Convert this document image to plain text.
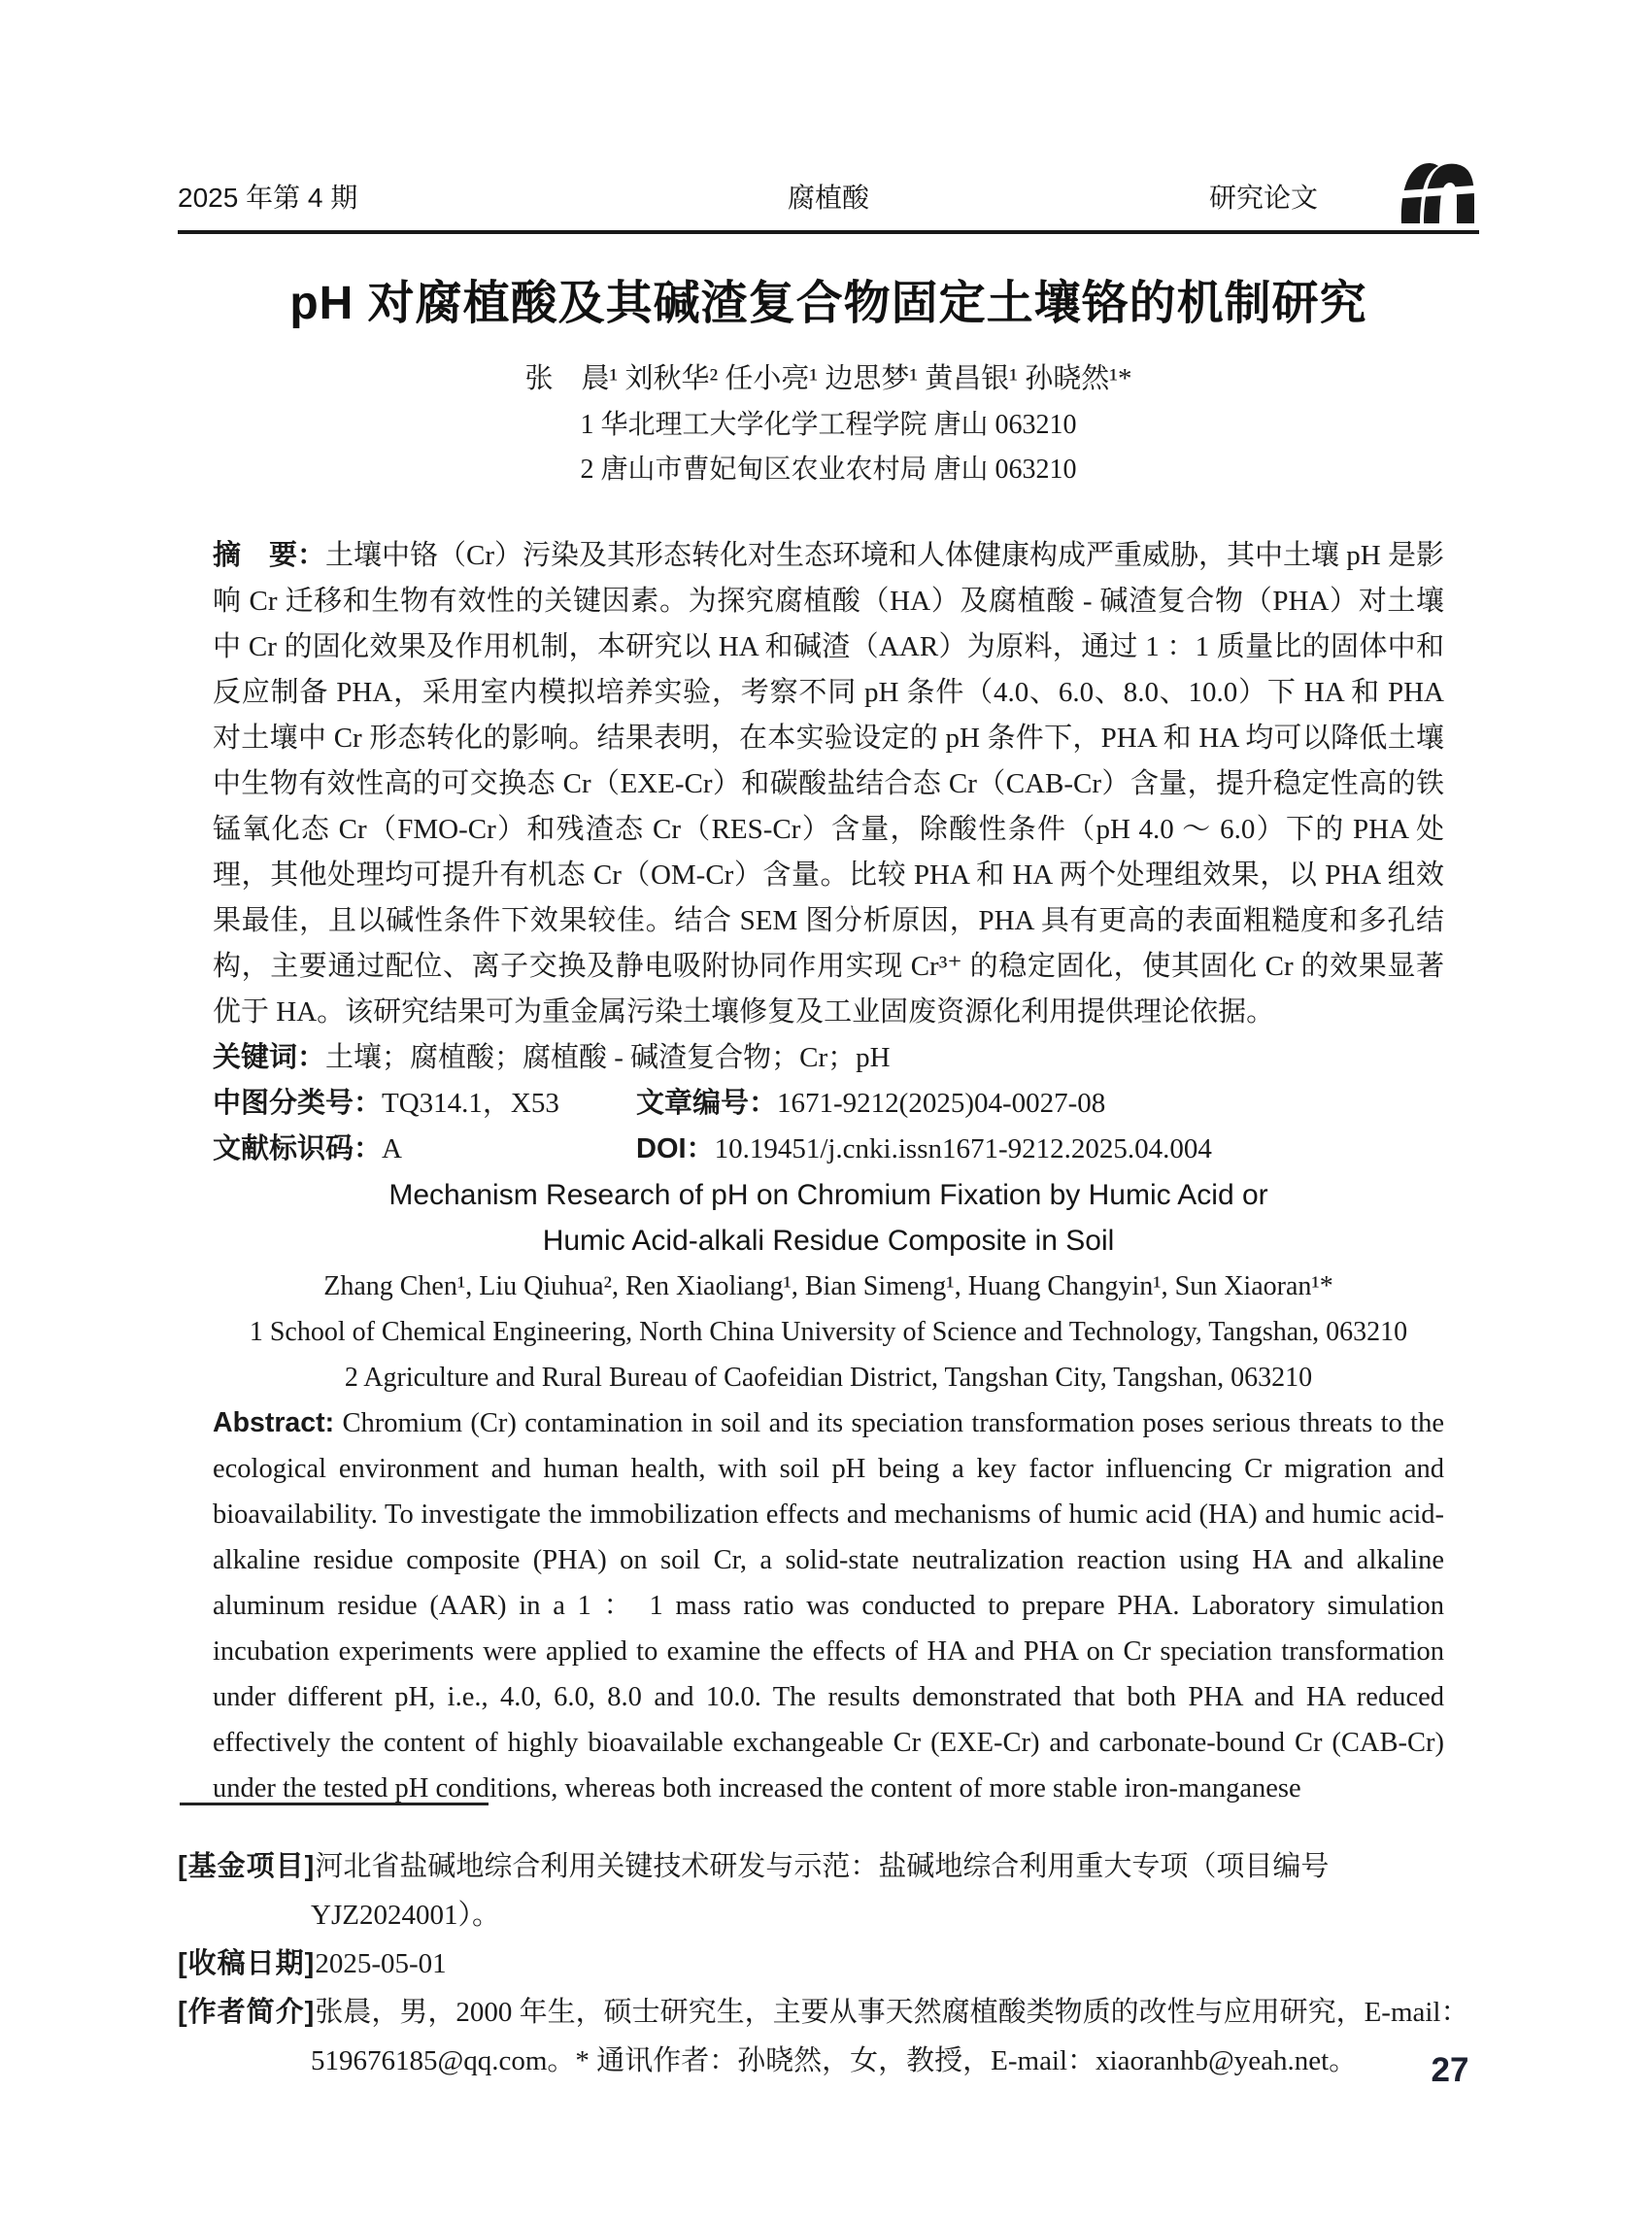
2025 年第 4 期	腐植酸	研究论文
pH 对腐植酸及其碱渣复合物固定土壤铬的机制研究
张　晨¹ 刘秋华² 任小亮¹ 边思梦¹ 黄昌银¹ 孙晓然¹*
1 华北理工大学化学工程学院 唐山 063210
2 唐山市曹妃甸区农业农村局 唐山 063210

摘　要：土壤中铬（Cr）污染及其形态转化对生态环境和人体健康构成严重威胁，其中土壤 pH 是影响 Cr 迁移和生物有效性的关键因素。为探究腐植酸（HA）及腐植酸 - 碱渣复合物（PHA）对土壤中 Cr 的固化效果及作用机制，本研究以 HA 和碱渣（AAR）为原料，通过 1 ：1 质量比的固体中和反应制备 PHA，采用室内模拟培养实验，考察不同 pH 条件（4.0、6.0、8.0、10.0）下 HA 和 PHA 对土壤中 Cr 形态转化的影响。结果表明，在本实验设定的 pH 条件下，PHA 和 HA 均可以降低土壤中生物有效性高的可交换态 Cr（EXE-Cr）和碳酸盐结合态 Cr（CAB-Cr）含量，提升稳定性高的铁锰氧化态 Cr（FMO-Cr）和残渣态 Cr（RES-Cr）含量，除酸性条件（pH 4.0 ～ 6.0）下的 PHA 处理，其他处理均可提升有机态 Cr（OM-Cr）含量。比较 PHA 和 HA 两个处理组效果，以 PHA 组效果最佳，且以碱性条件下效果较佳。结合 SEM 图分析原因，PHA 具有更高的表面粗糙度和多孔结构，主要通过配位、离子交换及静电吸附协同作用实现 Cr³⁺ 的稳定固化，使其固化 Cr 的效果显著优于 HA。该研究结果可为重金属污染土壤修复及工业固废资源化利用提供理论依据。

关键词：土壤；腐植酸；腐植酸 - 碱渣复合物；Cr；pH

中图分类号：TQ314.1，X53	文章编号：1671-9212(2025)04-0027-08
文献标识码：A	DOI：10.19451/j.cnki.issn1671-9212.2025.04.004
Mechanism Research of pH on Chromium Fixation by Humic Acid or
Humic Acid-alkali Residue Composite in Soil
Zhang Chen¹, Liu Qiuhua², Ren Xiaoliang¹, Bian Simeng¹, Huang Changyin¹, Sun Xiaoran¹*
1 School of Chemical Engineering, North China University of Science and Technology, Tangshan, 063210
2 Agriculture and Rural Bureau of Caofeidian District, Tangshan City, Tangshan, 063210

Abstract: Chromium (Cr) contamination in soil and its speciation transformation poses serious threats to the ecological environment and human health, with soil pH being a key factor influencing Cr migration and bioavailability. To investigate the immobilization effects and mechanisms of humic acid (HA) and humic acid-alkaline residue composite (PHA) on soil Cr, a solid-state neutralization reaction using HA and alkaline aluminum residue (AAR) in a 1 ： 1 mass ratio was conducted to prepare PHA. Laboratory simulation incubation experiments were applied to examine the effects of HA and PHA on Cr speciation transformation under different pH, i.e., 4.0, 6.0, 8.0 and 10.0. The results demonstrated that both PHA and HA reduced effectively the content of highly bioavailable exchangeable Cr (EXE-Cr) and carbonate-bound Cr (CAB-Cr) under the tested pH conditions, whereas both increased the content of more stable iron-manganese

[基金项目]河北省盐碱地综合利用关键技术研发与示范：盐碱地综合利用重大专项（项目编号 YJZ2024001）。

[收稿日期]2025-05-01

[作者简介]张晨，男，2000 年生，硕士研究生，主要从事天然腐植酸类物质的改性与应用研究，E-mail：519676185@qq.com。* 通讯作者：孙晓然，女，教授，E-mail：xiaoranhb@yeah.net。	27
